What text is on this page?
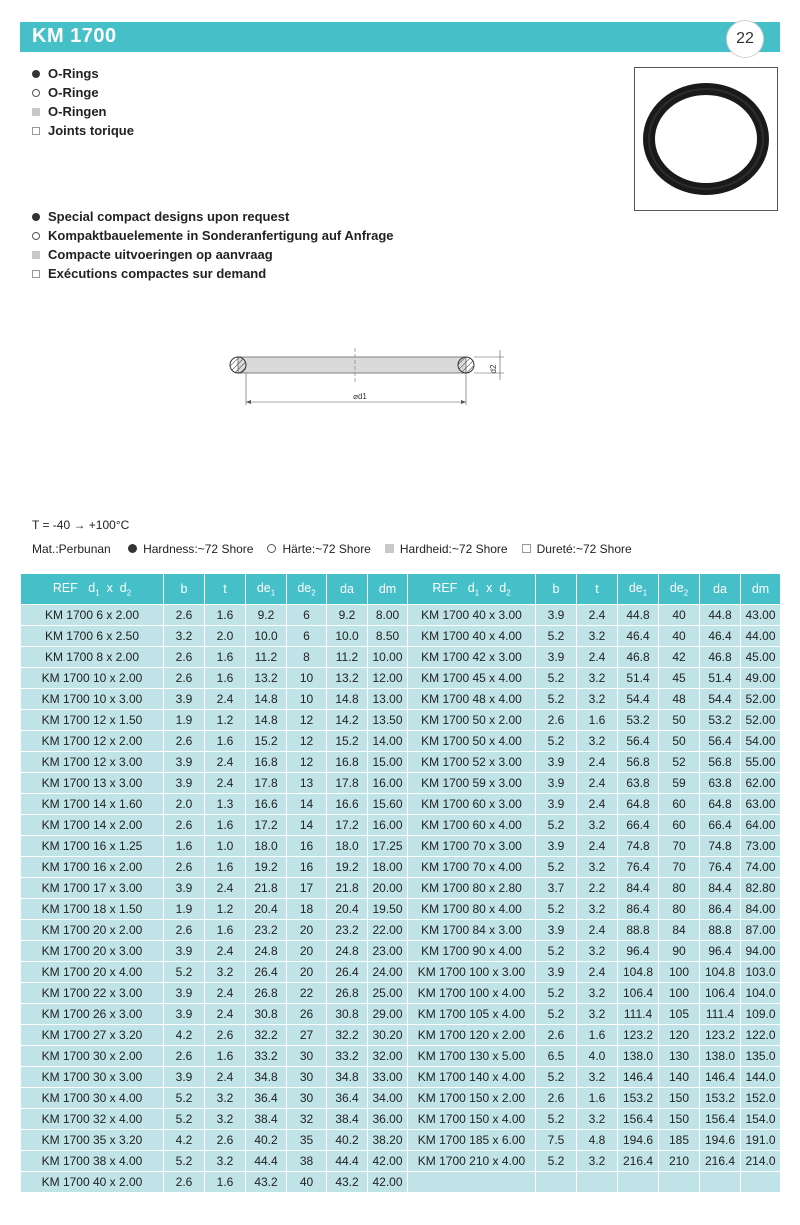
KM 1700	22
O-Rings
O-Ringe
O-Ringen
Joints torique
Special compact designs upon request
Kompaktbauelemente in Sonderanfertigung auf Anfrage
Compacte uitvoeringen op aanvraag
Exécutions compactes sur demand
d2
⌀d1
T = -40 → +100°C
Mat.:Perbunan	Hardness:~72 Shore Härte:~72 Shore Hardheid:~72 Shore Dureté:~72 Shore
REF   $d_1$  x  $d_2$	b	t	$de_1$	$de_2$	da	dm	REF   $d_1$  x  $d_2$	b	t	$de_1$	$de_2$	da	dm
KM 1700 6 x 2.00	2.6	1.6	9.2	6	9.2	8.00	KM 1700 40 x 3.00	3.9	2.4	44.8	40	44.8	43.00
KM 1700 6 x 2.50	3.2	2.0	10.0	6	10.0	8.50	KM 1700 40 x 4.00	5.2	3.2	46.4	40	46.4	44.00
KM 1700 8 x 2.00	2.6	1.6	11.2	8	11.2	10.00	KM 1700 42 x 3.00	3.9	2.4	46.8	42	46.8	45.00
KM 1700 10 x 2.00	2.6	1.6	13.2	10	13.2	12.00	KM 1700 45 x 4.00	5.2	3.2	51.4	45	51.4	49.00
KM 1700 10 x 3.00	3.9	2.4	14.8	10	14.8	13.00	KM 1700 48 x 4.00	5.2	3.2	54.4	48	54.4	52.00
KM 1700 12 x 1.50	1.9	1.2	14.8	12	14.2	13.50	KM 1700 50 x 2.00	2.6	1.6	53.2	50	53.2	52.00
KM 1700 12 x 2.00	2.6	1.6	15.2	12	15.2	14.00	KM 1700 50 x 4.00	5.2	3.2	56.4	50	56.4	54.00
KM 1700 12 x 3.00	3.9	2.4	16.8	12	16.8	15.00	KM 1700 52 x 3.00	3.9	2.4	56.8	52	56.8	55.00
KM 1700 13 x 3.00	3.9	2.4	17.8	13	17.8	16.00	KM 1700 59 x 3.00	3.9	2.4	63.8	59	63.8	62.00
KM 1700 14 x 1.60	2.0	1.3	16.6	14	16.6	15.60	KM 1700 60 x 3.00	3.9	2.4	64.8	60	64.8	63.00
KM 1700 14 x 2.00	2.6	1.6	17.2	14	17.2	16.00	KM 1700 60 x 4.00	5.2	3.2	66.4	60	66.4	64.00
KM 1700 16 x 1.25	1.6	1.0	18.0	16	18.0	17.25	KM 1700 70 x 3.00	3.9	2.4	74.8	70	74.8	73.00
KM 1700 16 x 2.00	2.6	1.6	19.2	16	19.2	18.00	KM 1700 70 x 4.00	5.2	3.2	76.4	70	76.4	74.00
KM 1700 17 x 3.00	3.9	2.4	21.8	17	21.8	20.00	KM 1700 80 x 2.80	3.7	2.2	84.4	80	84.4	82.80
KM 1700 18 x 1.50	1.9	1.2	20.4	18	20.4	19.50	KM 1700 80 x 4.00	5.2	3.2	86.4	80	86.4	84.00
KM 1700 20 x 2.00	2.6	1.6	23.2	20	23.2	22.00	KM 1700 84 x 3.00	3.9	2.4	88.8	84	88.8	87.00
KM 1700 20 x 3.00	3.9	2.4	24.8	20	24.8	23.00	KM 1700 90 x 4.00	5.2	3.2	96.4	90	96.4	94.00
KM 1700 20 x 4.00	5.2	3.2	26.4	20	26.4	24.00	KM 1700 100 x 3.00	3.9	2.4	104.8	100	104.8	103.0
KM 1700 22 x 3.00	3.9	2.4	26.8	22	26.8	25.00	KM 1700 100 x 4.00	5.2	3.2	106.4	100	106.4	104.0
KM 1700 26 x 3.00	3.9	2.4	30.8	26	30.8	29.00	KM 1700 105 x 4.00	5.2	3.2	111.4	105	111.4	109.0
KM 1700 27 x 3.20	4.2	2.6	32.2	27	32.2	30.20	KM 1700 120 x 2.00	2.6	1.6	123.2	120	123.2	122.0
KM 1700 30 x 2.00	2.6	1.6	33.2	30	33.2	32.00	KM 1700 130 x 5.00	6.5	4.0	138.0	130	138.0	135.0
KM 1700 30 x 3.00	3.9	2.4	34.8	30	34.8	33.00	KM 1700 140 x 4.00	5.2	3.2	146.4	140	146.4	144.0
KM 1700 30 x 4.00	5.2	3.2	36.4	30	36.4	34.00	KM 1700 150 x 2.00	2.6	1.6	153.2	150	153.2	152.0
KM 1700 32 x 4.00	5.2	3.2	38.4	32	38.4	36.00	KM 1700 150 x 4.00	5.2	3.2	156.4	150	156.4	154.0
KM 1700 35 x 3.20	4.2	2.6	40.2	35	40.2	38.20	KM 1700 185 x 6.00	7.5	4.8	194.6	185	194.6	191.0
KM 1700 38 x 4.00	5.2	3.2	44.4	38	44.4	42.00	KM 1700 210 x 4.00	5.2	3.2	216.4	210	216.4	214.0
KM 1700 40 x 2.00	2.6	1.6	43.2	40	43.2	42.00							
